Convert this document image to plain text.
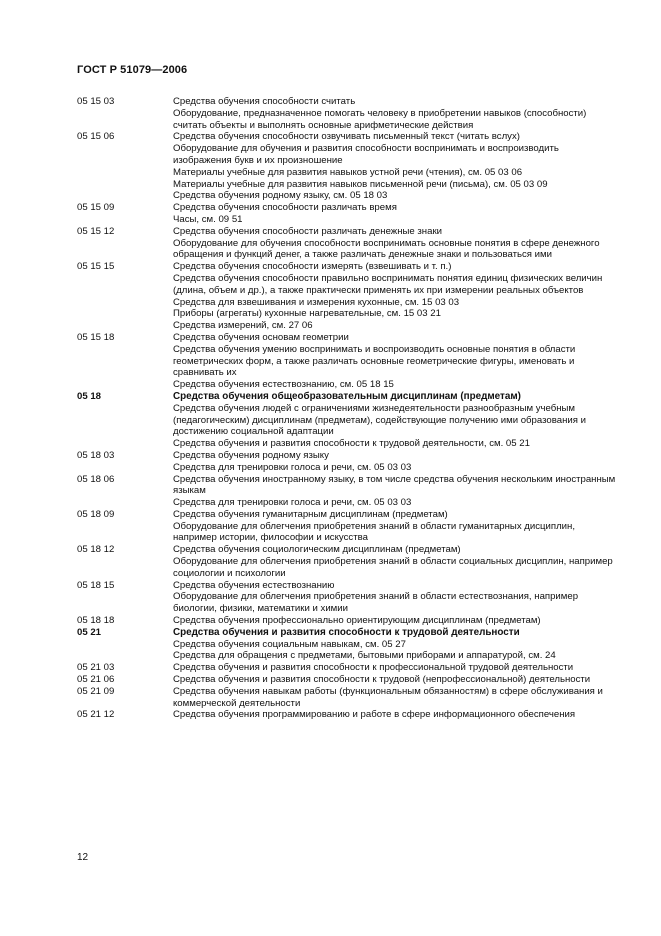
ГОСТ Р 51079—2006
05 15 03	Средства обучения способности считать
Оборудование, предназначенное помогать человеку в приобретении навыков (способности) считать объекты и выполнять основные арифметические действия
05 15 06	Средства обучения способности озвучивать письменный текст (читать вслух)
Оборудование для обучения и развития способности воспринимать и воспроизводить изображения букв и их произношение
Материалы учебные для развития навыков устной речи (чтения), см. 05 03 06
Материалы учебные для развития навыков письменной речи (письма), см. 05 03 09
Средства обучения родному языку, см. 05 18 03
05 15 09	Средства обучения способности различать время
Часы, см. 09 51
05 15 12	Средства обучения способности различать денежные знаки
Оборудование для обучения способности воспринимать основные понятия в сфере денежного обращения и функций денег, а также различать денежные знаки и пользоваться ими
05 15 15	Средства обучения способности измерять (взвешивать и т. п.)
Средства обучения способности правильно воспринимать понятия единиц физических величин (длина, объем и др.), а также практически применять их при измерении реальных объектов
Средства для взвешивания и измерения кухонные, см. 15 03 03
Приборы (агрегаты) кухонные нагревательные, см. 15 03 21
Средства измерений, см. 27 06
05 15 18	Средства обучения основам геометрии
Средства обучения умению воспринимать и воспроизводить основные понятия в области геометрических форм, а также различать основные геометрические фигуры, именовать и сравнивать их
Средства обучения естествознанию, см. 05 18 15
05 18	Средства обучения общеобразовательным дисциплинам (предметам)
Средства обучения людей с ограничениями жизнедеятельности разнообразным учебным (педагогическим) дисциплинам (предметам), содействующие получению ими образования и достижению социальной адаптации
Средства обучения и развития способности к трудовой деятельности, см. 05 21
05 18 03	Средства обучения родному языку
Средства для тренировки голоса и речи, см. 05 03 03
05 18 06	Средства обучения иностранному языку, в том числе средства обучения нескольким иностранным языкам
Средства для тренировки голоса и речи, см. 05 03 03
05 18 09	Средства обучения гуманитарным дисциплинам (предметам)
Оборудование для облегчения приобретения знаний в области гуманитарных дисциплин, например истории, философии и искусства
05 18 12	Средства обучения социологическим дисциплинам (предметам)
Оборудование для облегчения приобретения знаний в области социальных дисциплин, например социологии и психологии
05 18 15	Средства обучения естествознанию
Оборудование для облегчения приобретения знаний в области естествознания, например биологии, физики, математики и химии
05 18 18	Средства обучения профессионально ориентирующим дисциплинам (предметам)
05 21	Средства обучения и развития способности к трудовой деятельности
Средства обучения социальным навыкам, см. 05 27
Средства для обращения с предметами, бытовыми приборами и аппаратурой, см. 24
05 21 03	Средства обучения и развития способности к профессиональной трудовой деятельности
05 21 06	Средства обучения и развития способности к трудовой (непрофессиональной) деятельности
05 21 09	Средства обучения навыкам работы (функциональным обязанностям) в сфере обслуживания и коммерческой деятельности
05 21 12	Средства обучения программированию и работе в сфере информационного обеспечения
12
